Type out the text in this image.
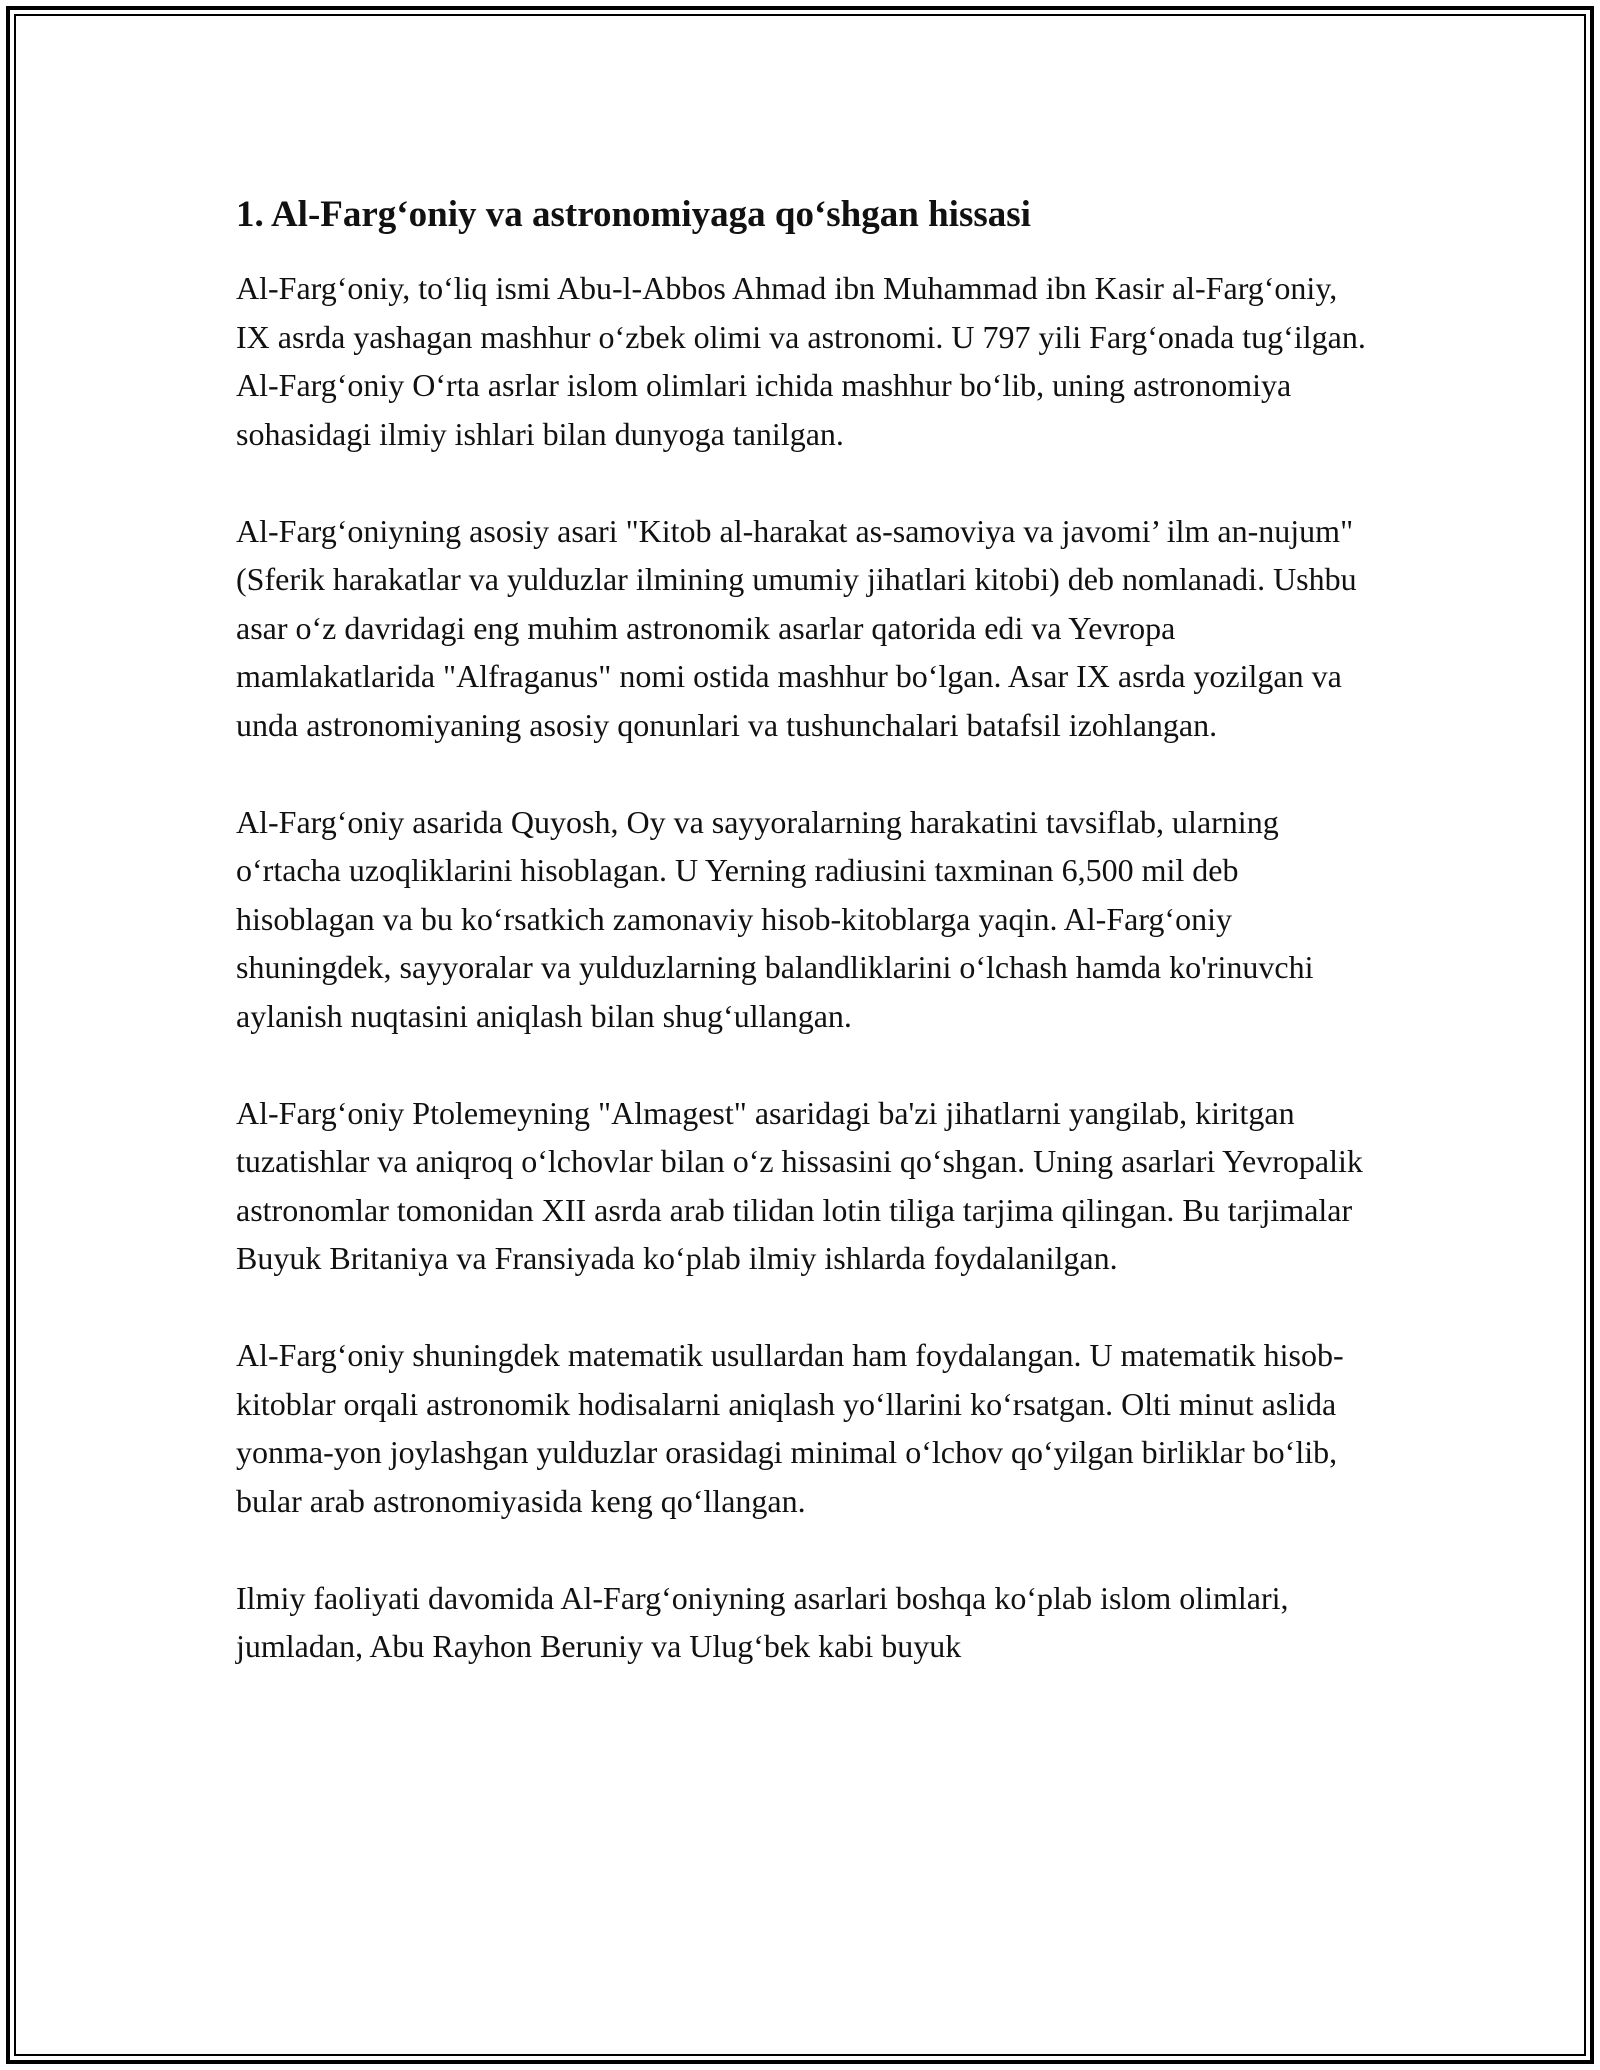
1. Al-Farg‘oniy va astronomiyaga qo‘shgan hissasi

Al-Farg‘oniy, to‘liq ismi Abu-l-Abbos Ahmad ibn Muhammad ibn Kasir al-Farg‘oniy, IX asrda yashagan mashhur o‘zbek olimi va astronomi. U 797 yili Farg‘onada tug‘ilgan. Al-Farg‘oniy O‘rta asrlar islom olimlari ichida mashhur bo‘lib, uning astronomiya sohasidagi ilmiy ishlari bilan dunyoga tanilgan.

Al-Farg‘oniyning asosiy asari "Kitob al-harakat as-samoviya va javomi’ ilm an-nujum" (Sferik harakatlar va yulduzlar ilmining umumiy jihatlari kitobi) deb nomlanadi. Ushbu asar o‘z davridagi eng muhim astronomik asarlar qatorida edi va Yevropa mamlakatlarida "Alfraganus" nomi ostida mashhur bo‘lgan. Asar IX asrda yozilgan va unda astronomiyaning asosiy qonunlari va tushunchalari batafsil izohlangan.

Al-Farg‘oniy asarida Quyosh, Oy va sayyoralarning harakatini tavsiflab, ularning o‘rtacha uzoqliklarini hisoblagan. U Yerning radiusini taxminan 6,500 mil deb hisoblagan va bu ko‘rsatkich zamonaviy hisob-kitoblarga yaqin. Al-Farg‘oniy shuningdek, sayyoralar va yulduzlarning balandliklarini o‘lchash hamda ko'rinuvchi aylanish nuqtasini aniqlash bilan shug‘ullangan.

Al-Farg‘oniy Ptolemeyning "Almagest" asaridagi ba'zi jihatlarni yangilab, kiritgan tuzatishlar va aniqroq o‘lchovlar bilan o‘z hissasini qo‘shgan. Uning asarlari Yevropalik astronomlar tomonidan XII asrda arab tilidan lotin tiliga tarjima qilingan. Bu tarjimalar Buyuk Britaniya va Fransiyada ko‘plab ilmiy ishlarda foydalanilgan.

Al-Farg‘oniy shuningdek matematik usullardan ham foydalangan. U matematik hisob-kitoblar orqali astronomik hodisalarni aniqlash yo‘llarini ko‘rsatgan. Olti minut aslida yonma-yon joylashgan yulduzlar orasidagi minimal o‘lchov qo‘yilgan birliklar bo‘lib, bular arab astronomiyasida keng qo‘llangan.

Ilmiy faoliyati davomida Al-Farg‘oniyning asarlari boshqa ko‘plab islom olimlari, jumladan, Abu Rayhon Beruniy va Ulug‘bek kabi buyuk
